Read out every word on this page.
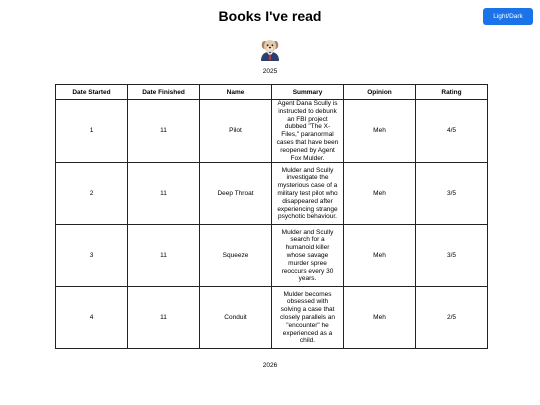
Books I've read	Light/Dark

2025

Date Started	Date Finished	Name	Summary	Opinion	Rating
1	11	Pilot	Agent Dana Scully is instructed to debunk an FBI project dubbed "The X-Files," paranormal cases that have been reopened by Agent Fox Mulder.	Meh	4/5
2	11	Deep Throat	Mulder and Scully investigate the mysterious case of a military test pilot who disappeared after experiencing strange psychotic behaviour.	Meh	3/5
3	11	Squeeze	Mulder and Scully search for a humanoid killer whose savage murder spree reoccurs every 30 years.	Meh	3/5
4	11	Conduit	Mulder becomes obsessed with solving a case that closely parallels an "encounter" he experienced as a child.	Meh	2/5

2026
